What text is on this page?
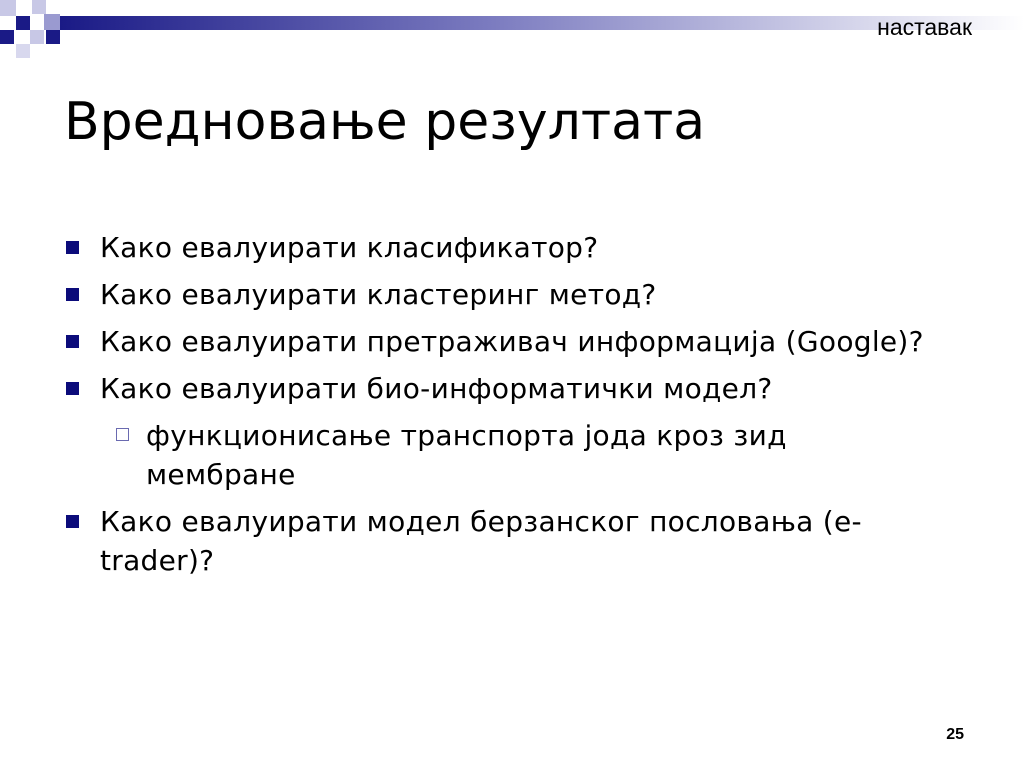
наставак
Вредновање резултата
Како евалуирати класификатор?
Како евалуирати кластеринг метод?
Како евалуирати претраживач информација (Google)?
Како евалуирати био-информатички модел?
функционисање транспорта јода кроз зид мембране
Како евалуирати модел берзанског пословања (e-trader)?
25
